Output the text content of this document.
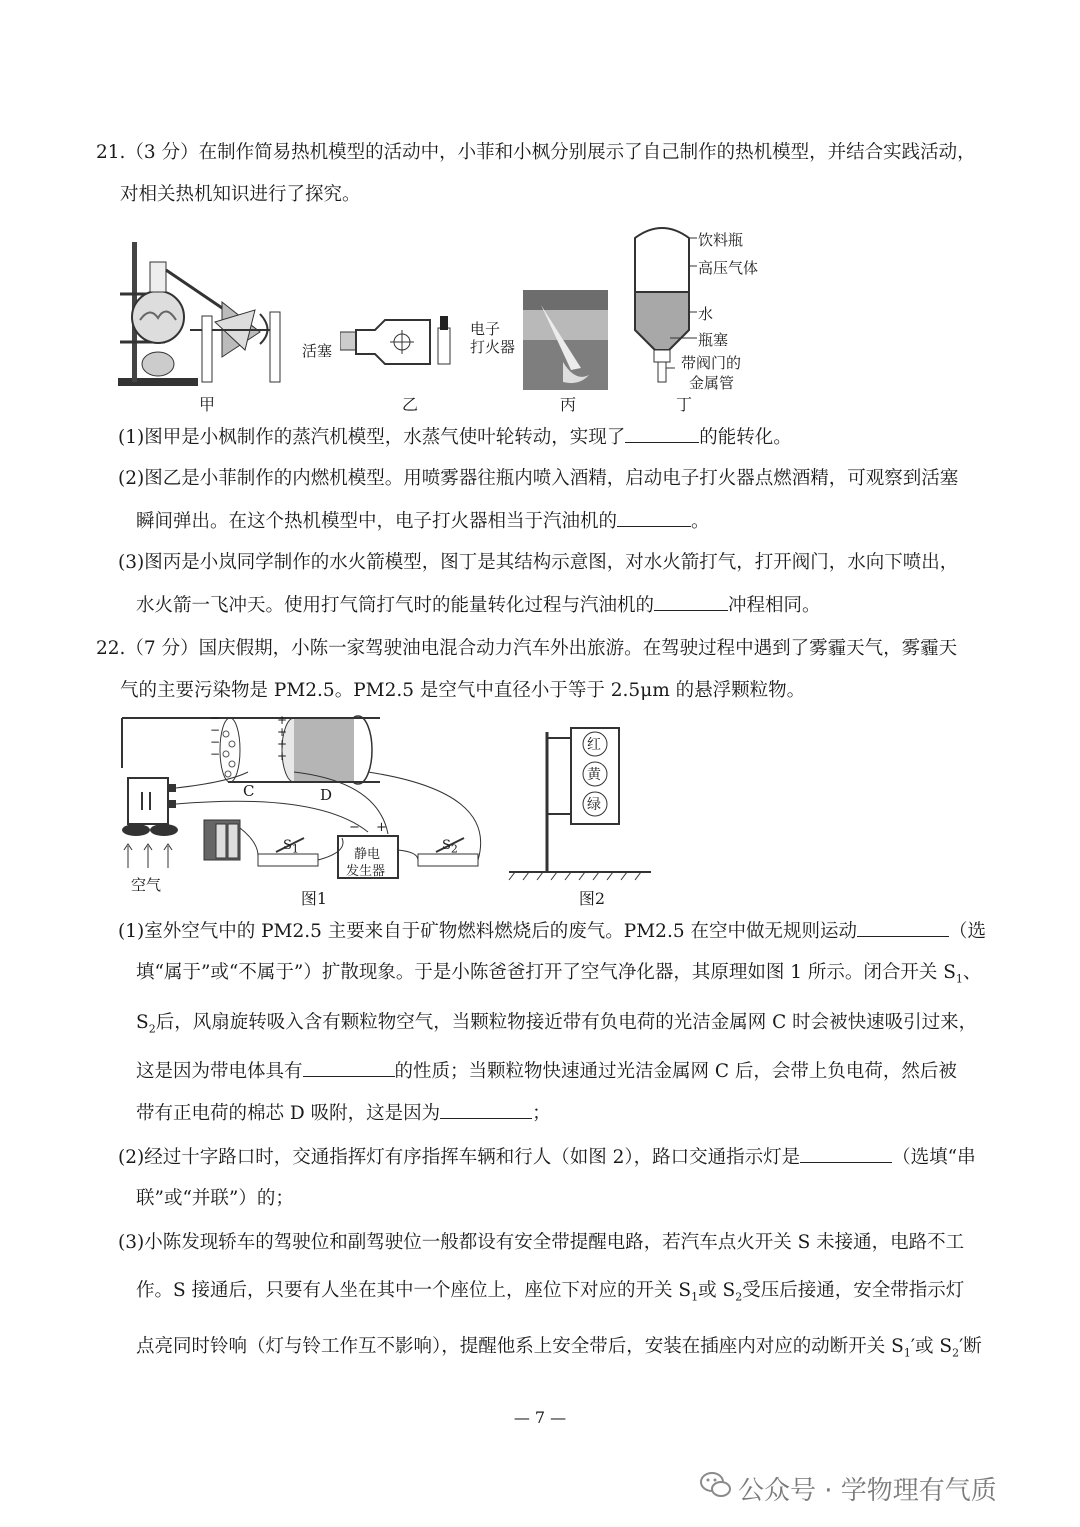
21.（3 分）在制作简易热机模型的活动中，小菲和小枫分别展示了自己制作的热机模型，并结合实践活动，
对相关热机知识进行了探究。
甲
活塞
电子
打火器
乙	丙
饮料瓶
高压气体
水
瓶塞
带阀门的
金属管
丁
(1)图甲是小枫制作的蒸汽机模型，水蒸气使叶轮转动，实现了	的能转化。
(2)图乙是小菲制作的内燃机模型。用喷雾器往瓶内喷入酒精，启动电子打火器点燃酒精，可观察到活塞
瞬间弹出。在这个热机模型中，电子打火器相当于汽油机的	。
(3)图丙是小岚同学制作的水火箭模型，图丁是其结构示意图，对水火箭打气，打开阀门，水向下喷出，
水火箭一飞冲天。使用打气筒打气时的能量转化过程与汽油机的	冲程相同。
22.（7 分）国庆假期，小陈一家驾驶油电混合动力汽车外出旅游。在驾驶过程中遇到了雾霾天气，雾霾天
气的主要污染物是 PM2.5。PM2.5 是空气中直径小于等于 2.5μm 的悬浮颗粒物。
−
−
−
−
+
+
+
+
C	D
空气
$S_1$	$S_2$
− +
静电
发生器
图1
红
黄
绿
图2
(1)室外空气中的 PM2.5 主要来自于矿物燃料燃烧后的废气。PM2.5 在空中做无规则运动	（选
填“属于”或“不属于”）扩散现象。于是小陈爸爸打开了空气净化器，其原理如图 1 所示。闭合开关 $S_1$、
$S_2$后，风扇旋转吸入含有颗粒物空气，当颗粒物接近带有负电荷的光洁金属网 C 时会被快速吸引过来，
这是因为带电体具有	的性质；当颗粒物快速通过光洁金属网 C 后，会带上负电荷，然后被
带有正电荷的棉芯 D 吸附，这是因为	；
(2)经过十字路口时，交通指挥灯有序指挥车辆和行人（如图 2），路口交通指示灯是	（选填“串
联”或“并联”）的；
(3)小陈发现轿车的驾驶位和副驾驶位一般都设有安全带提醒电路，若汽车点火开关 S 未接通，电路不工
作。S 接通后，只要有人坐在其中一个座位上，座位下对应的开关 $S_1$或 $S_2$受压后接通，安全带指示灯
点亮同时铃响（灯与铃工作互不影响），提醒他系上安全带后，安装在插座内对应的动断开关 $S_1'$或 $S_2'$断
— 7 —
公众号 · 学物理有气质
